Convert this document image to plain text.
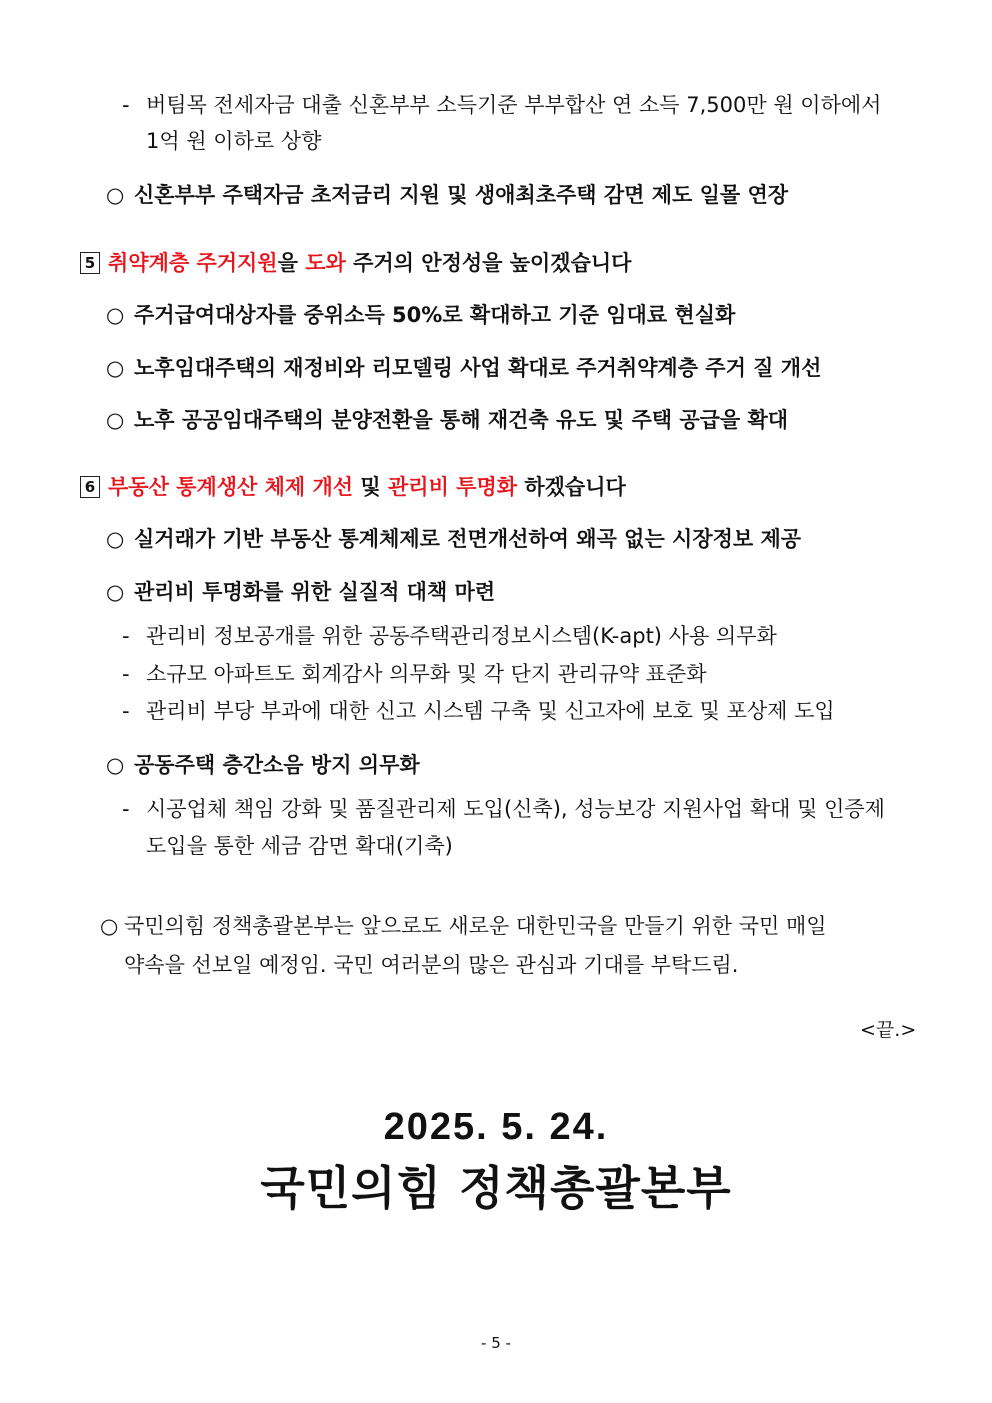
- 버팀목 전세자금 대출 신혼부부 소득기준 부부합산 연 소득 7,500만 원 이하에서
1억 원 이하로 상향
○ 신혼부부 주택자금 초저금리 지원 및 생애최초주택 감면 제도 일몰 연장
5 취약계층 주거지원을 도와 주거의 안정성을 높이겠습니다
○ 주거급여대상자를 중위소득 50%로 확대하고 기준 임대료 현실화
○ 노후임대주택의 재정비와 리모델링 사업 확대로 주거취약계층 주거 질 개선
○ 노후 공공임대주택의 분양전환을 통해 재건축 유도 및 주택 공급을 확대
6 부동산 통계생산 체제 개선 및 관리비 투명화 하겠습니다
○ 실거래가 기반 부동산 통계체제로 전면개선하여 왜곡 없는 시장정보 제공
○ 관리비 투명화를 위한 실질적 대책 마련
- 관리비 정보공개를 위한 공동주택관리정보시스템(K-apt) 사용 의무화
- 소규모 아파트도 회계감사 의무화 및 각 단지 관리규약 표준화
- 관리비 부당 부과에 대한 신고 시스템 구축 및 신고자에 보호 및 포상제 도입
○ 공동주택 층간소음 방지 의무화
- 시공업체 책임 강화 및 품질관리제 도입(신축), 성능보강 지원사업 확대 및 인증제
도입을 통한 세금 감면 확대(기축)
○ 국민의힘 정책총괄본부는 앞으로도 새로운 대한민국을 만들기 위한 국민 매일
약속을 선보일 예정임. 국민 여러분의 많은 관심과 기대를 부탁드림.
<끝.>
2025. 5. 24.
국민의힘 정책총괄본부
- 5 -
